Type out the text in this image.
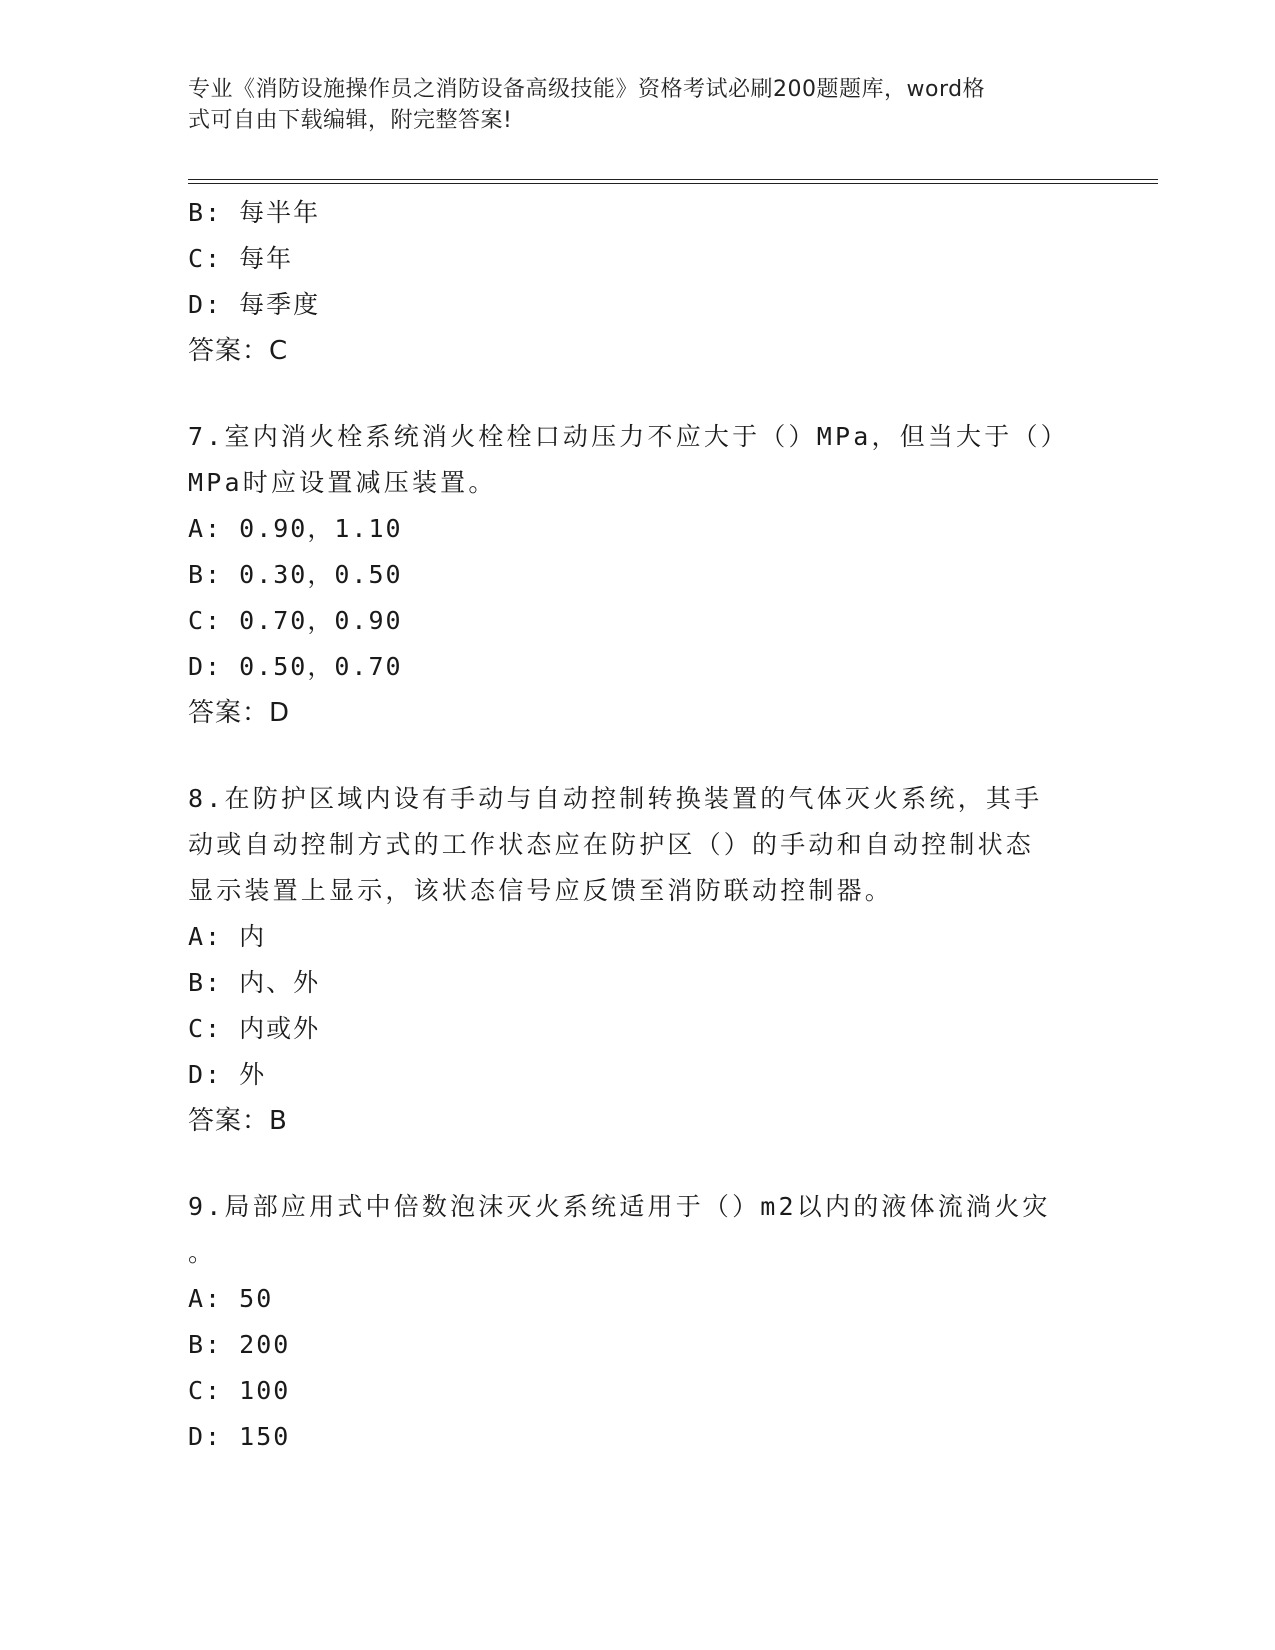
专业《消防设施操作员之消防设备高级技能》资格考试必刷200题题库，word格
式可自由下载编辑，附完整答案!
B: 每半年
C: 每年
D: 每季度
答案：C
7.室内消火栓系统消火栓栓口动压力不应大于（）MPa，但当大于（）
MPa时应设置减压装置。
A: 0.90，1.10
B: 0.30，0.50
C: 0.70，0.90
D: 0.50，0.70
答案：D
8.在防护区域内设有手动与自动控制转换装置的气体灭火系统，其手
动或自动控制方式的工作状态应在防护区（）的手动和自动控制状态
显示装置上显示，该状态信号应反馈至消防联动控制器。
A: 内
B: 内、外
C: 内或外
D: 外
答案：B
9.局部应用式中倍数泡沫灭火系统适用于（）m2以内的液体流淌火灾
。
A: 50
B: 200
C: 100
D: 150
